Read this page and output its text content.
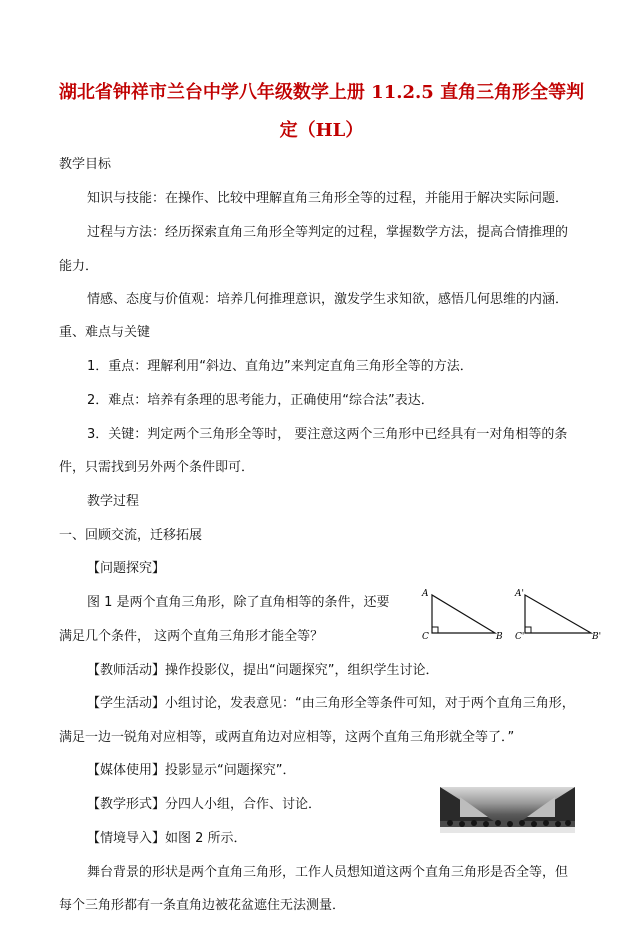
湖北省钟祥市兰台中学八年级数学上册 11.2.5 直角三角形全等判
定（HL）
教学目标
知识与技能：在操作、比较中理解直角三角形全等的过程，并能用于解决实际问题．
过程与方法：经历探索直角三角形全等判定的过程，掌握数学方法，提高合情推理的
能力．
情感、态度与价值观：培养几何推理意识，激发学生求知欲，感悟几何思维的内涵．
重、难点与关键
1．重点：理解利用“斜边、直角边”来判定直角三角形全等的方法．
2．难点：培养有条理的思考能力，正确使用“综合法”表达．
3．关键：判定两个三角形全等时， 要注意这两个三角形中已经具有一对角相等的条
件，只需找到另外两个条件即可．
教学过程
一、回顾交流，迁移拓展
【问题探究】
图 1 是两个直角三角形，除了直角相等的条件，还要
满足几个条件， 这两个直角三角形才能全等？
【教师活动】操作投影仪，提出“问题探究”，组织学生讨论．
【学生活动】小组讨论，发表意见：“由三角形全等条件可知，对于两个直角三角形，
满足一边一锐角对应相等，或两直角边对应相等，这两个直角三角形就全等了．”
【媒体使用】投影显示“问题探究”．
【教学形式】分四人小组，合作、讨论．
【情境导入】如图 2 所示．
舞台背景的形状是两个直角三角形，工作人员想知道这两个直角三角形是否全等，但
每个三角形都有一条直角边被花盆遮住无法测量．
A
C	B
A'
C'	B'
